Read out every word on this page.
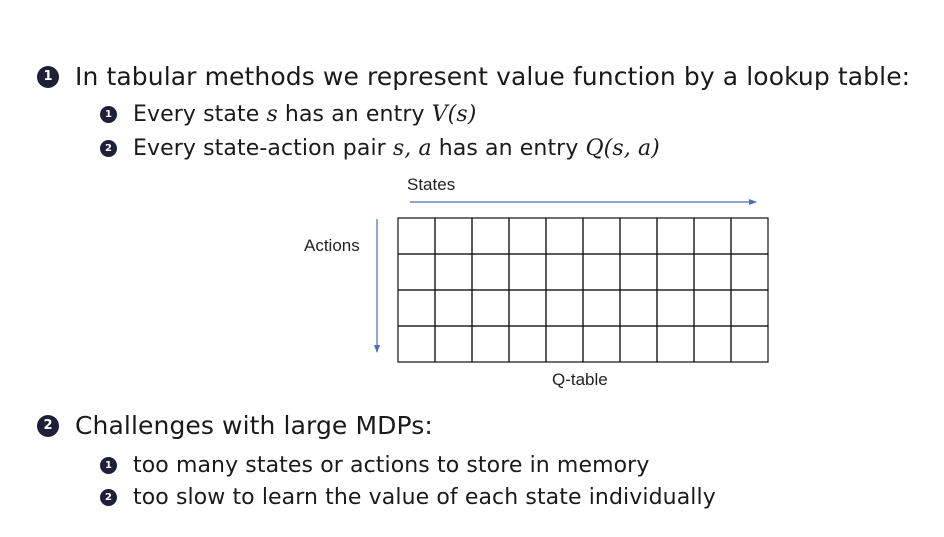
1 In tabular methods we represent value function by a lookup table:
1 Every state s has an entry V(s)
2 Every state-action pair s, a has an entry Q(s, a)
States
Actions
Q-table
2 Challenges with large MDPs:
1 too many states or actions to store in memory
2 too slow to learn the value of each state individually
